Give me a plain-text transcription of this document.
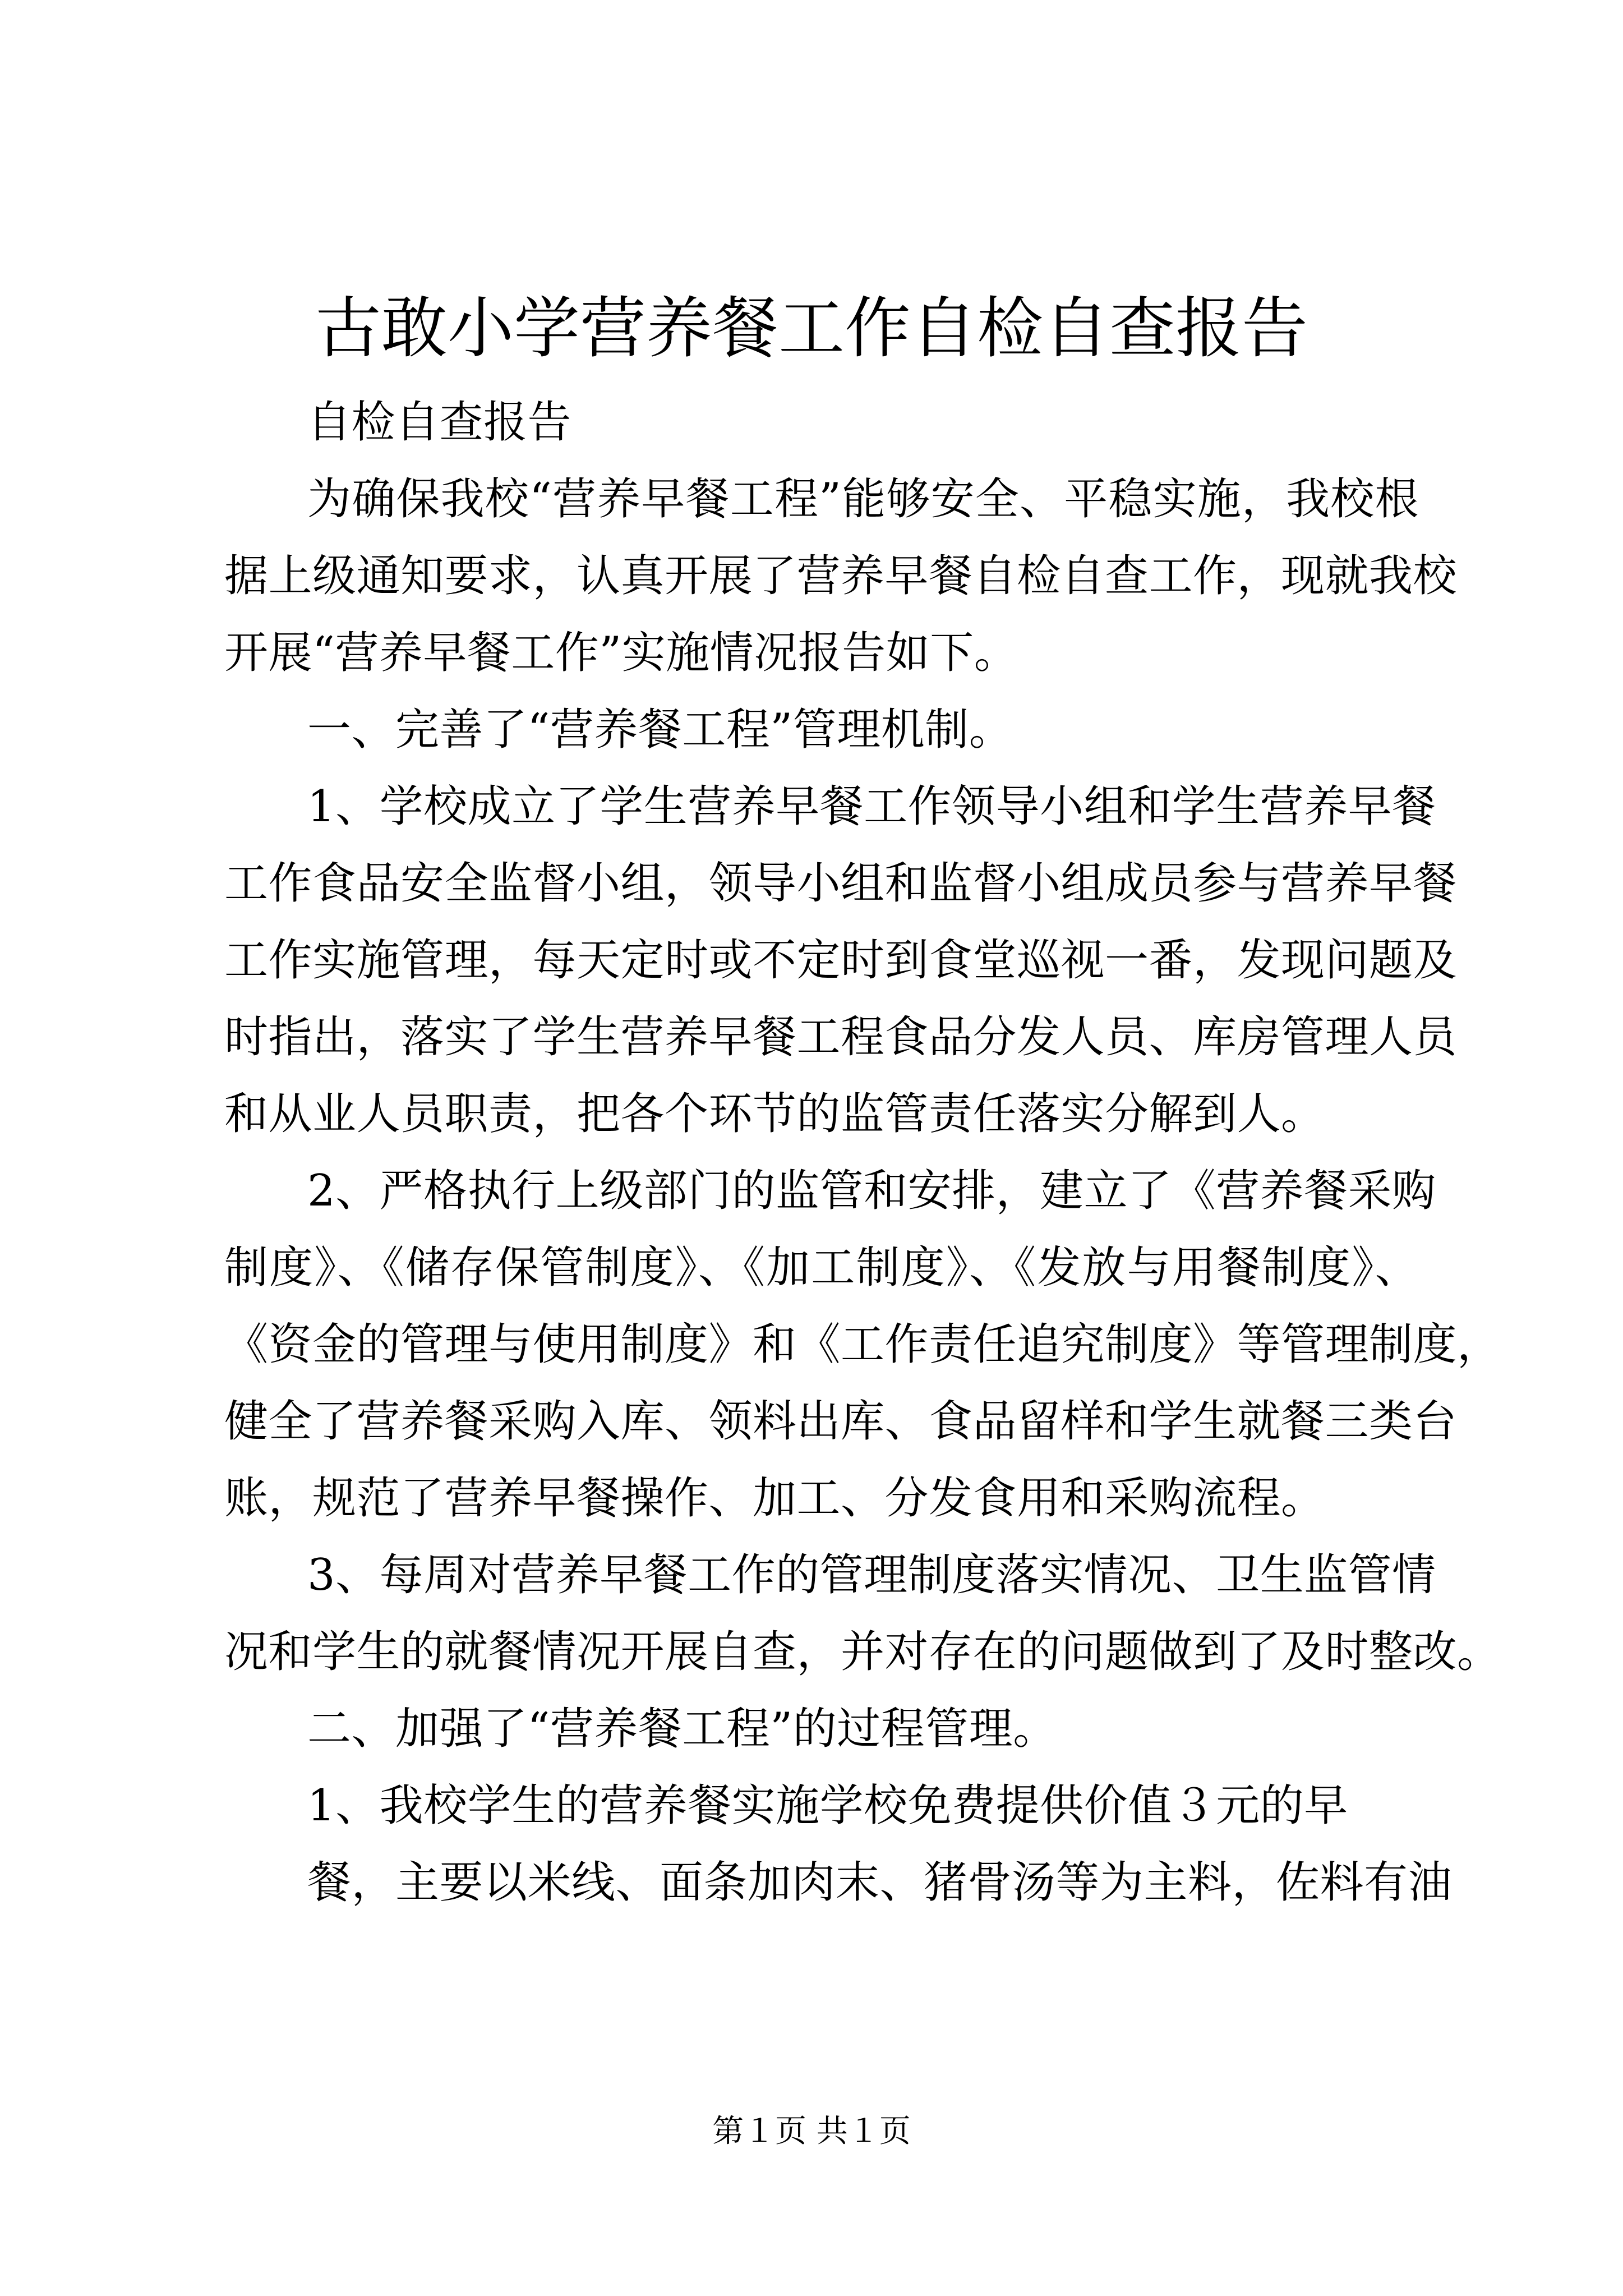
古敢小学营养餐工作自检自查报告
自检自查报告
为确保我校“营养早餐工程”能够安全、平稳实施，我校根
据上级通知要求，认真开展了营养早餐自检自查工作，现就我校
开展“营养早餐工作”实施情况报告如下。
一、完善了“营养餐工程”管理机制。
1、学校成立了学生营养早餐工作领导小组和学生营养早餐
工作食品安全监督小组，领导小组和监督小组成员参与营养早餐
工作实施管理，每天定时或不定时到食堂巡视一番，发现问题及
时指出，落实了学生营养早餐工程食品分发人员、库房管理人员
和从业人员职责，把各个环节的监管责任落实分解到人。
2、严格执行上级部门的监管和安排，建立了《营养餐采购
制度》、《储存保管制度》、《加工制度》、《发放与用餐制度》、
《资金的管理与使用制度》和《工作责任追究制度》等管理制度，
健全了营养餐采购入库、领料出库、食品留样和学生就餐三类台
账，规范了营养早餐操作、加工、分发食用和采购流程。
3、每周对营养早餐工作的管理制度落实情况、卫生监管情
况和学生的就餐情况开展自查，并对存在的问题做到了及时整改。
二、加强了“营养餐工程”的过程管理。
1、我校学生的营养餐实施学校免费提供价值３元的早
餐，主要以米线、面条加肉末、猪骨汤等为主料，佐料有油
第１页 共１页
